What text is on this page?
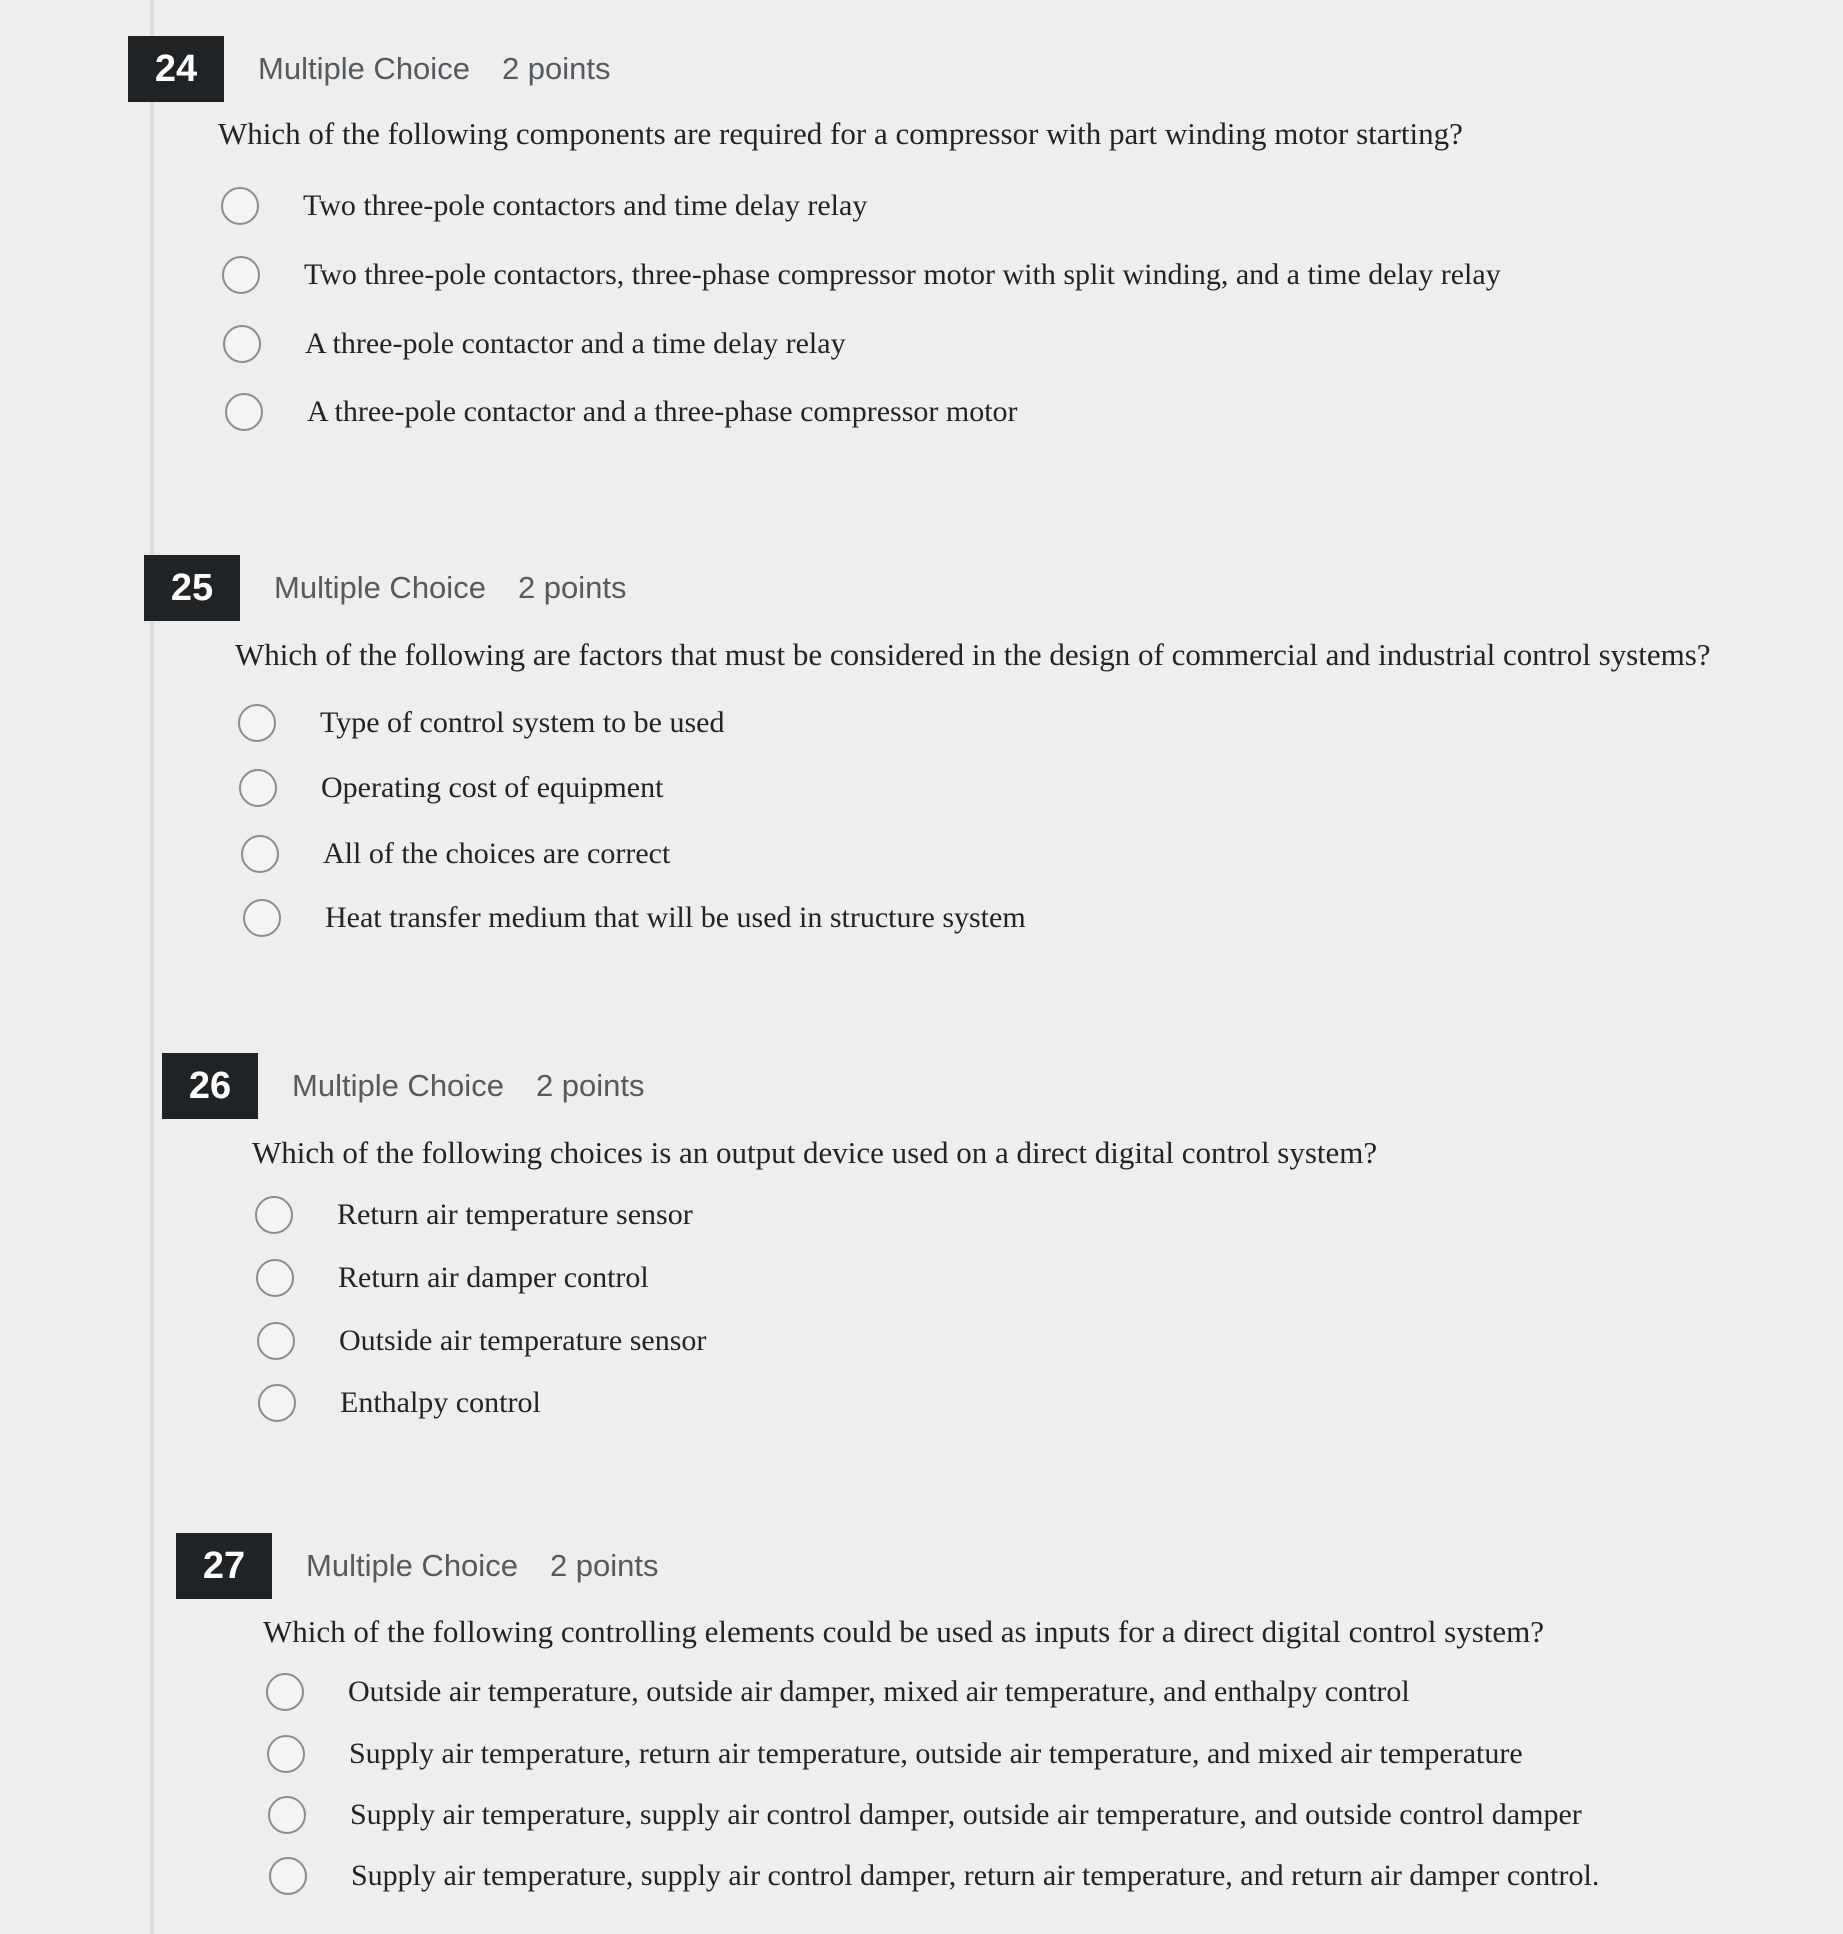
24	Multiple Choice 2 points
Which of the following components are required for a compressor with part winding motor starting?
Two three-pole contactors and time delay relay
Two three-pole contactors, three-phase compressor motor with split winding, and a time delay relay
A three-pole contactor and a time delay relay
A three-pole contactor and a three-phase compressor motor
25	Multiple Choice 2 points
Which of the following are factors that must be considered in the design of commercial and industrial control systems?
Type of control system to be used
Operating cost of equipment
All of the choices are correct
Heat transfer medium that will be used in structure system
26	Multiple Choice 2 points
Which of the following choices is an output device used on a direct digital control system?
Return air temperature sensor
Return air damper control
Outside air temperature sensor
Enthalpy control
27	Multiple Choice 2 points
Which of the following controlling elements could be used as inputs for a direct digital control system?
Outside air temperature, outside air damper, mixed air temperature, and enthalpy control
Supply air temperature, return air temperature, outside air temperature, and mixed air temperature
Supply air temperature, supply air control damper, outside air temperature, and outside control damper
Supply air temperature, supply air control damper, return air temperature, and return air damper control.
